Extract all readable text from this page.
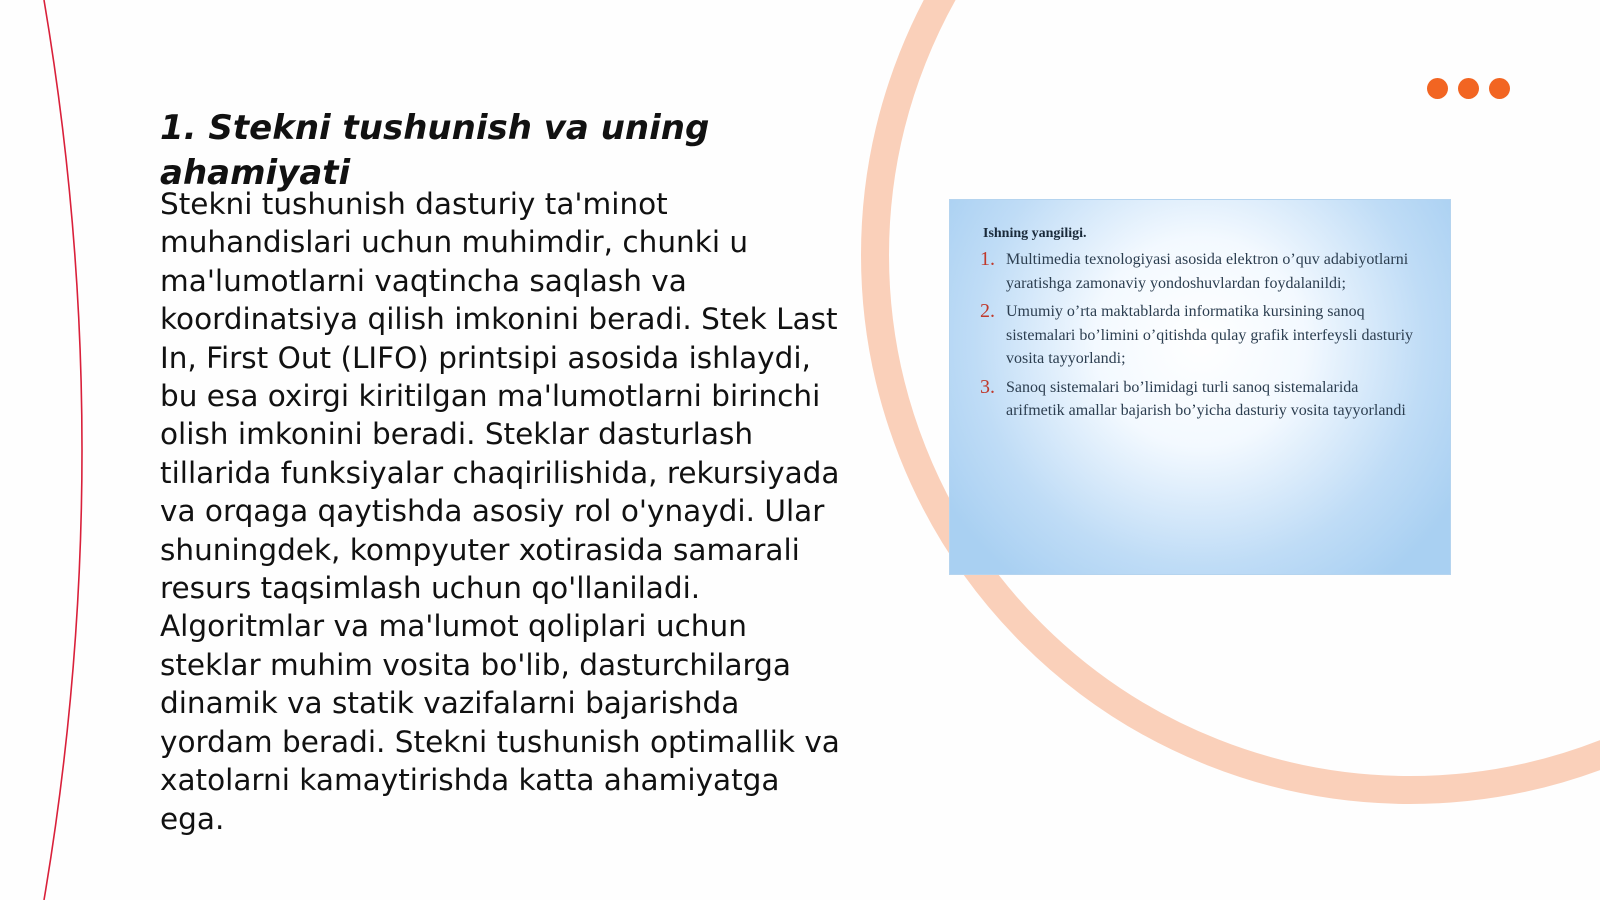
1. Stekni tushunish va uning ahamiyati

Stekni tushunish dasturiy ta'minot muhandislari uchun muhimdir, chunki u ma'lumotlarni vaqtincha saqlash va koordinatsiya qilish imkonini beradi. Stek Last In, First Out (LIFO) printsipi asosida ishlaydi, bu esa oxirgi kiritilgan ma'lumotlarni birinchi olish imkonini beradi. Steklar dasturlash tillarida funksiyalar chaqirilishida, rekursiyada va orqaga qaytishda asosiy rol o'ynaydi. Ular shuningdek, kompyuter xotirasida samarali resurs taqsimlash uchun qo'llaniladi. Algoritmlar va ma'lumot qoliplari uchun steklar muhim vosita bo'lib, dasturchilarga dinamik va statik vazifalarni bajarishda yordam beradi. Stekni tushunish optimallik va xatolarni kamaytirishda katta ahamiyatga ega.

Ishning yangiligi.
1. Multimedia texnologiyasi asosida elektron o’quv adabiyotlarni yaratishga zamonaviy yondoshuvlardan foydalanildi;
2. Umumiy o’rta maktablarda informatika kursining sanoq sistemalari bo’limini o’qitishda qulay grafik interfeysli dasturiy vosita tayyorlandi;
3. Sanoq sistemalari bo’limidagi turli sanoq sistemalarida arifmetik amallar bajarish bo’yicha dasturiy vosita tayyorlandi
